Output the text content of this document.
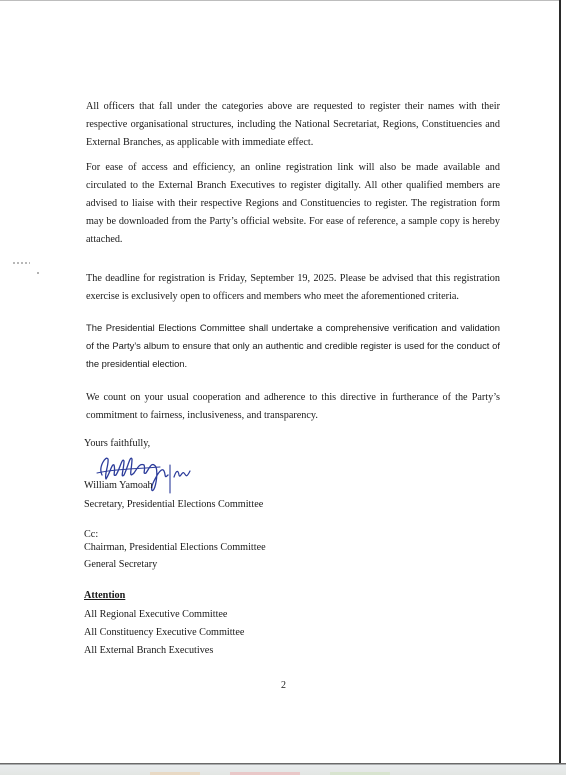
All officers that fall under the categories above are requested to register their names with their respective organisational structures, including the National Secretariat, Regions, Constituencies and External Branches, as applicable with immediate effect.

For ease of access and efficiency, an online registration link will also be made available and circulated to the External Branch Executives to register digitally. All other qualified members are advised to liaise with their respective Regions and Constituencies to register. The registration form may be downloaded from the Party’s official website. For ease of reference, a sample copy is hereby attached.

The deadline for registration is Friday, September 19, 2025. Please be advised that this registration exercise is exclusively open to officers and members who meet the aforementioned criteria.

The Presidential Elections Committee shall undertake a comprehensive verification and validation of the Party’s album to ensure that only an authentic and credible register is used for the conduct of the presidential election.

We count on your usual cooperation and adherence to this directive in furtherance of the Party’s commitment to fairness, inclusiveness, and transparency.

Yours faithfully,

William Yamoah

Secretary, Presidential Elections Committee

Cc:

Chairman, Presidential Elections Committee

General Secretary

Attention

All Regional Executive Committee

All Constituency Executive Committee

All External Branch Executives

2
